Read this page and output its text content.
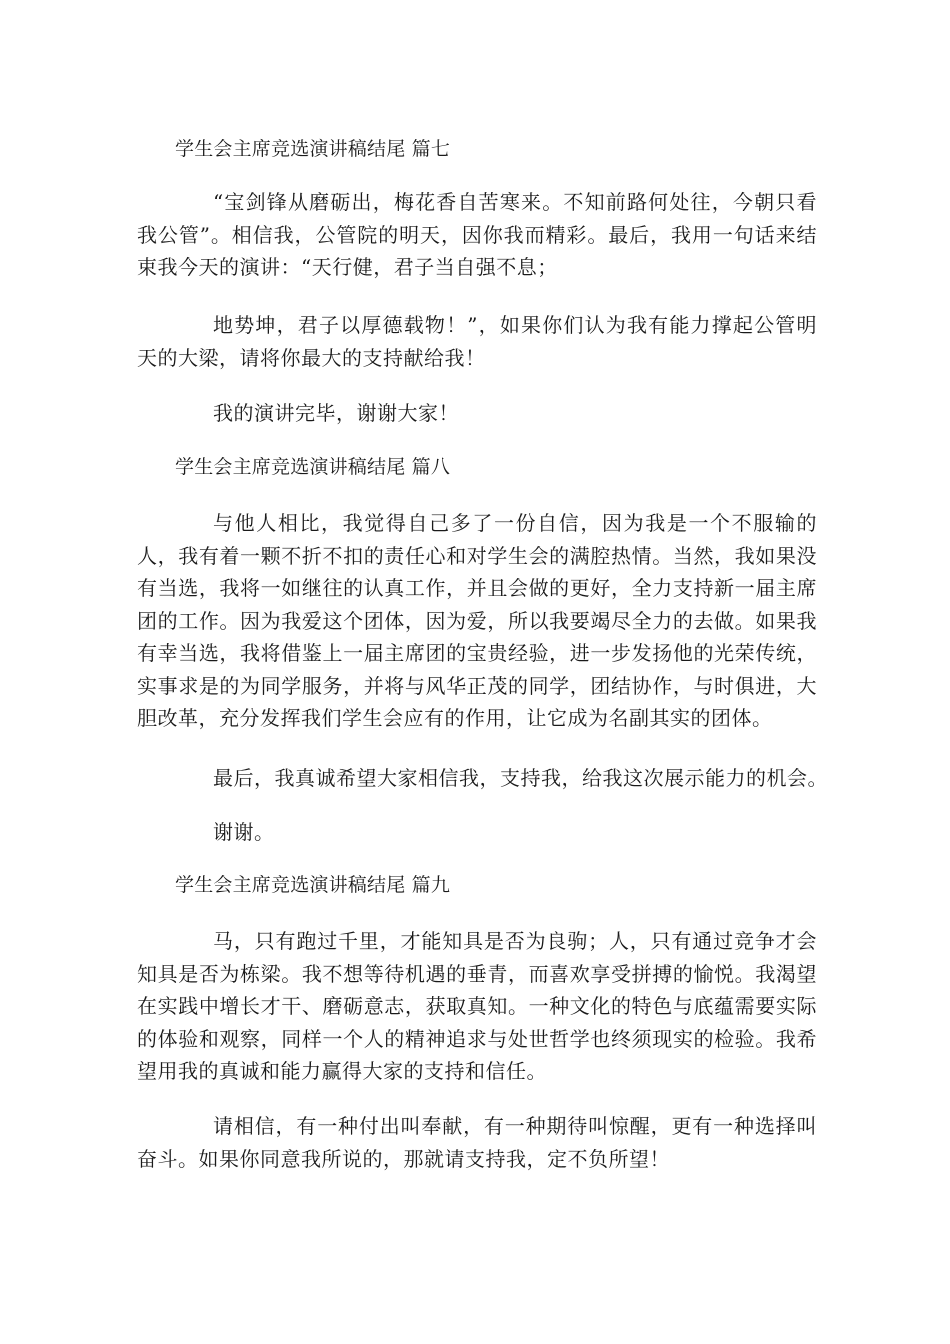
学生会主席竞选演讲稿结尾 篇七
“宝剑锋从磨砺出，梅花香自苦寒来。不知前路何处往，今朝只看我公管”。相信我，公管院的明天，因你我而精彩。最后，我用一句话来结束我今天的演讲：“天行健，君子当自强不息；
地势坤，君子以厚德载物！”，如果你们认为我有能力撑起公管明天的大梁，请将你最大的支持献给我！
我的演讲完毕，谢谢大家！
学生会主席竞选演讲稿结尾 篇八
与他人相比，我觉得自己多了一份自信，因为我是一个不服输的人，我有着一颗不折不扣的责任心和对学生会的满腔热情。当然，我如果没有当选，我将一如继往的认真工作，并且会做的更好，全力支持新一届主席团的工作。因为我爱这个团体，因为爱，所以我要竭尽全力的去做。如果我有幸当选，我将借鉴上一届主席团的宝贵经验，进一步发扬他的光荣传统，实事求是的为同学服务，并将与风华正茂的同学，团结协作，与时俱进，大胆改革，充分发挥我们学生会应有的作用，让它成为名副其实的团体。
最后，我真诚希望大家相信我，支持我，给我这次展示能力的机会。
谢谢。
学生会主席竞选演讲稿结尾 篇九
马，只有跑过千里，才能知具是否为良驹；人，只有通过竞争才会知具是否为栋梁。我不想等待机遇的垂青，而喜欢享受拼搏的愉悦。我渴望在实践中增长才干、磨砺意志，获取真知。一种文化的特色与底蕴需要实际的体验和观察，同样一个人的精神追求与处世哲学也终须现实的检验。我希望用我的真诚和能力赢得大家的支持和信任。
请相信，有一种付出叫奉献，有一种期待叫惊醒，更有一种选择叫奋斗。如果你同意我所说的，那就请支持我，定不负所望！
